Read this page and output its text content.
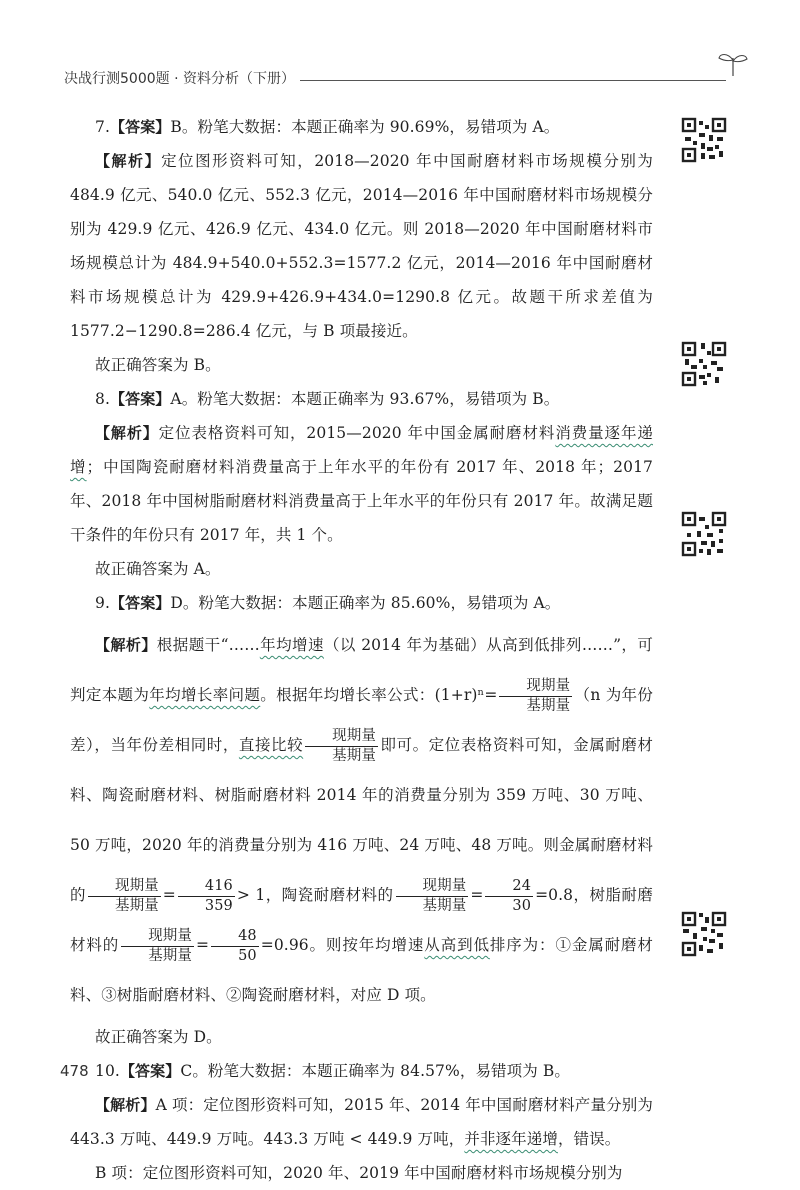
决战行测5000题 · 资料分析（下册）

7.【答案】B。粉笔大数据：本题正确率为 90.69%，易错项为 A。

【解析】定位图形资料可知，2018—2020 年中国耐磨材料市场规模分别为 484.9 亿元、540.0 亿元、552.3 亿元，2014—2016 年中国耐磨材料市场规模分别为 429.9 亿元、426.9 亿元、434.0 亿元。则 2018—2020 年中国耐磨材料市场规模总计为 484.9+540.0+552.3=1577.2 亿元，2014—2016 年中国耐磨材料市场规模总计为 429.9+426.9+434.0=1290.8 亿元。故题干所求差值为 1577.2−1290.8=286.4 亿元，与 B 项最接近。

故正确答案为 B。

8.【答案】A。粉笔大数据：本题正确率为 93.67%，易错项为 B。

【解析】定位表格资料可知，2015—2020 年中国金属耐磨材料消费量逐年递增；中国陶瓷耐磨材料消费量高于上年水平的年份有 2017 年、2018 年；2017 年、2018 年中国树脂耐磨材料消费量高于上年水平的年份只有 2017 年。故满足题干条件的年份只有 2017 年，共 1 个。

故正确答案为 A。

9.【答案】D。粉笔大数据：本题正确率为 85.60%，易错项为 A。

【解析】根据题干“……年均增速（以 2014 年为基础）从高到低排列……”，可判定本题为年均增长率问题。根据年均增长率公式：$(1+r)^n= \frac{\text{现期量}}{\text{基期量}} (n$ 为年份差），当年份差相同时，直接比较 $\frac{\text{现期量}}{\text{基期量}}$ 即可。定位表格资料可知，金属耐磨材料、陶瓷耐磨材料、树脂耐磨材料 2014 年的消费量分别为 359 万吨、30 万吨、50 万吨，2020 年的消费量分别为 416 万吨、24 万吨、48 万吨。则金属耐磨材料的 $\frac{\text{现期量}}{\text{基期量}} = \frac{416}{359} > 1$，陶瓷耐磨材料的 $\frac{\text{现期量}}{\text{基期量}} = \frac{24}{30} =0.8$，树脂耐磨材料的 $\frac{\text{现期量}}{\text{基期量}} = \frac{48}{50} =0.96$。则按年均增速从高到低排序为：①金属耐磨材料、③树脂耐磨材料、②陶瓷耐磨材料，对应 D 项。

故正确答案为 D。

10.【答案】C。粉笔大数据：本题正确率为 84.57%，易错项为 B。

【解析】A 项：定位图形资料可知，2015 年、2014 年中国耐磨材料产量分别为 443.3 万吨、449.9 万吨。443.3 万吨 < 449.9 万吨，并非逐年递增，错误。

B 项：定位图形资料可知，2020 年、2019 年中国耐磨材料市场规模分别为

478
